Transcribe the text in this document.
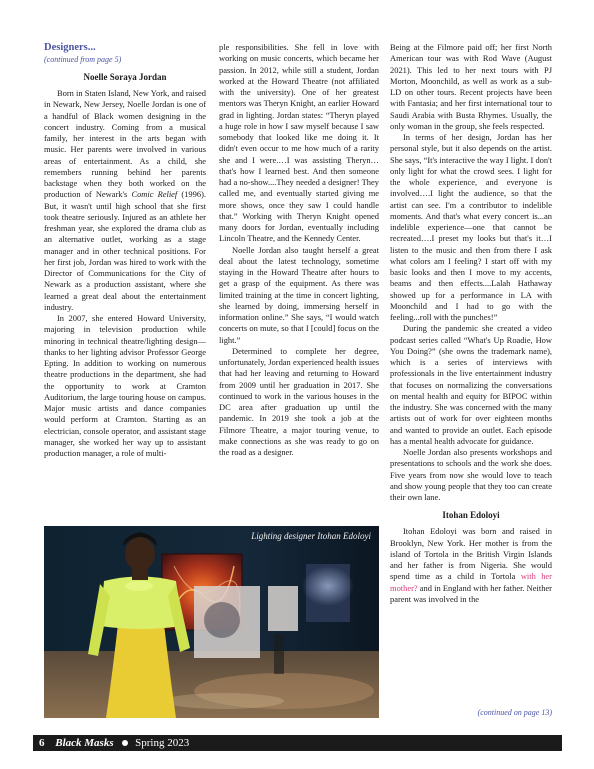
Designers...
(continued from page 5)

Noelle Soraya Jordan

Born in Staten Island, New York, and raised in Newark, New Jersey, Noelle Jordan is one of a handful of Black women designing in the concert industry. Coming from a musical family, her interest in the arts began with music. Her parents were involved in various areas of entertainment. As a child, she remembers running behind her parents backstage when they both worked on the production of Newark's Comic Relief (1996). But, it wasn't until high school that she first took theatre seriously. Injured as an athlete her freshman year, she explored the drama club as an alternative outlet, working as a stage manager and in other technical positions. For her first job, Jordan was hired to work with the Director of Communications for the City of Newark as a production assistant, where she learned a great deal about the entertainment industry.

In 2007, she entered Howard University, majoring in television production while minoring in technical theatre/lighting design—thanks to her lighting advisor Professor George Epting. In addition to working on numerous theatre productions in the department, she had the opportunity to work at Cramton Auditorium, the large touring house on campus. Major music artists and dance companies would perform at Cramton. Starting as an electrician, console operator, and assistant stage manager, she worked her way up to assistant production manager, a role of multi-

ple responsibilities. She fell in love with working on music concerts, which became her passion. In 2012, while still a student, Jordan worked at the Howard Theatre (not affiliated with the university). One of her greatest mentors was Theryn Knight, an earlier Howard grad in lighting. Jordan states: “Theryn played a huge role in how I saw myself because I saw somebody that looked like me doing it. It didn't even occur to me how much of a rarity she and I were.…I was assisting Theryn… that's how I learned best. And then someone had a no-show....They needed a designer! They called me, and eventually started giving me more shows, once they saw I could handle that.” Working with Theryn Knight opened many doors for Jordan, eventually including Lincoln Theatre, and the Kennedy Center.

Noelle Jordan also taught herself a great deal about the latest technology, sometime staying in the Howard Theatre after hours to get a grasp of the equipment. As there was limited training at the time in concert lighting, she learned by doing, immersing herself in information online.” She says, “I would watch concerts on mute, so that I [could] focus on the light.”

Determined to complete her degree, unfortunately, Jordan experienced health issues that had her leaving and returning to Howard from 2009 until her graduation in 2017. She continued to work in the various houses in the DC area after graduation up until the pandemic. In 2019 she took a job at the Filmore Theatre, a major touring venue, to make connections as she was ready to go on the road as a designer.

Being at the Filmore paid off; her first North American tour was with Rod Wave (August 2021). This led to her next tours with PJ Morton, Moonchild, as well as work as a sub-LD on other tours. Recent projects have been with Fantasia; and her first international tour to Saudi Arabia with Busta Rhymes. Usually, the only woman in the group, she feels respected.

In terms of her design, Jordan has her personal style, but it also depends on the artist. She says, “It's interactive the way I light. I don't only light for what the crowd sees. I light for the whole experience, and everyone is involved….I light the audience, so that the artist can see. I'm a contributor to indelible moments. And that's what every concert is...an indelible experience—one that cannot be recreated….I preset my looks but that's it…I listen to the music and then from there I ask what colors am I feeling? I start off with my basic looks and then I move to my accents, beams and then effects....Lalah Hathaway showed up for a performance in LA with Moonchild and I had to go with the feeling...roll with the punches!”

During the pandemic she created a video podcast series called “What's Up Roadie, How You Doing?” (she owns the trademark name), which is a series of interviews with professionals in the live entertainment industry that focuses on normalizing the conversations on mental health and equity for BIPOC within the industry. She was concerned with the many artists out of work for over eighteen months and wanted to provide an outlet. Each episode has a mental health advocate for guidance.

Noelle Jordan also presents workshops and presentations to schools and the work she does. Five years from now she would love to teach and show young people that they too can create their own lane.

Itohan Edoloyi

Itohan Edoloyi was born and raised in Brooklyn, New York. Her mother is from the island of Tortola in the British Virgin Islands and her father is from Nigeria. She would spend time as a child in Tortola with her mother? and in England with her father. Neither parent was involved in the

(continued on page 13)
Lighting designer Itohan Edoloyi
6 Black Masks Spring 2023
